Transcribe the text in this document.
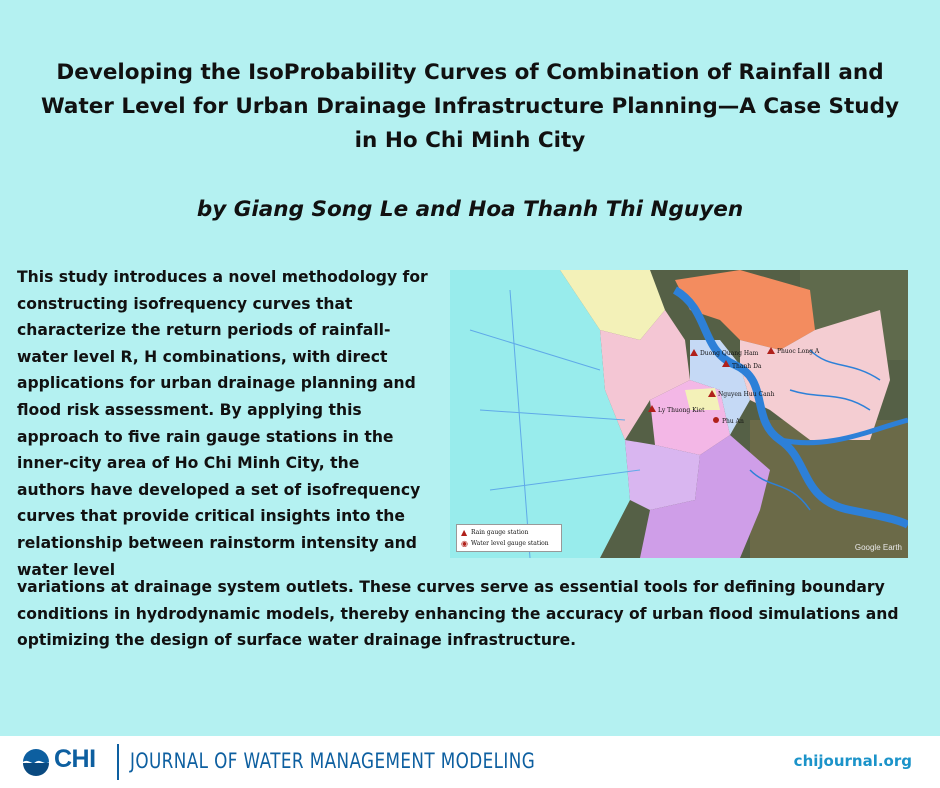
Developing the IsoProbability Curves of Combination of Rainfall and Water Level for Urban Drainage Infrastructure Planning—A Case Study in Ho Chi Minh City

by Giang Song Le and Hoa Thanh Thi Nguyen

This study introduces a novel methodology for constructing isofrequency curves that characterize the return periods of rainfall-water level R, H combinations, with direct applications for urban drainage planning and flood risk assessment. By applying this approach to five rain gauge stations in the inner-city area of Ho Chi Minh City, the authors have developed a set of isofrequency curves that provide critical insights into the relationship between rainstorm intensity and water level

Duong Quang Ham	Phuoc Long A
Thanh Da
Nguyen Huu Canh
Ly Thuong Kiet
Phu An
▲ Rain gauge station
◉ Water level gauge station	Google Earth

variations at drainage system outlets. These curves serve as essential tools for defining boundary conditions in hydrodynamic models, thereby enhancing the accuracy of urban flood simulations and optimizing the design of surface water drainage infrastructure.

CHI JOURNAL OF WATER MANAGEMENT MODELING	chijournal.org
